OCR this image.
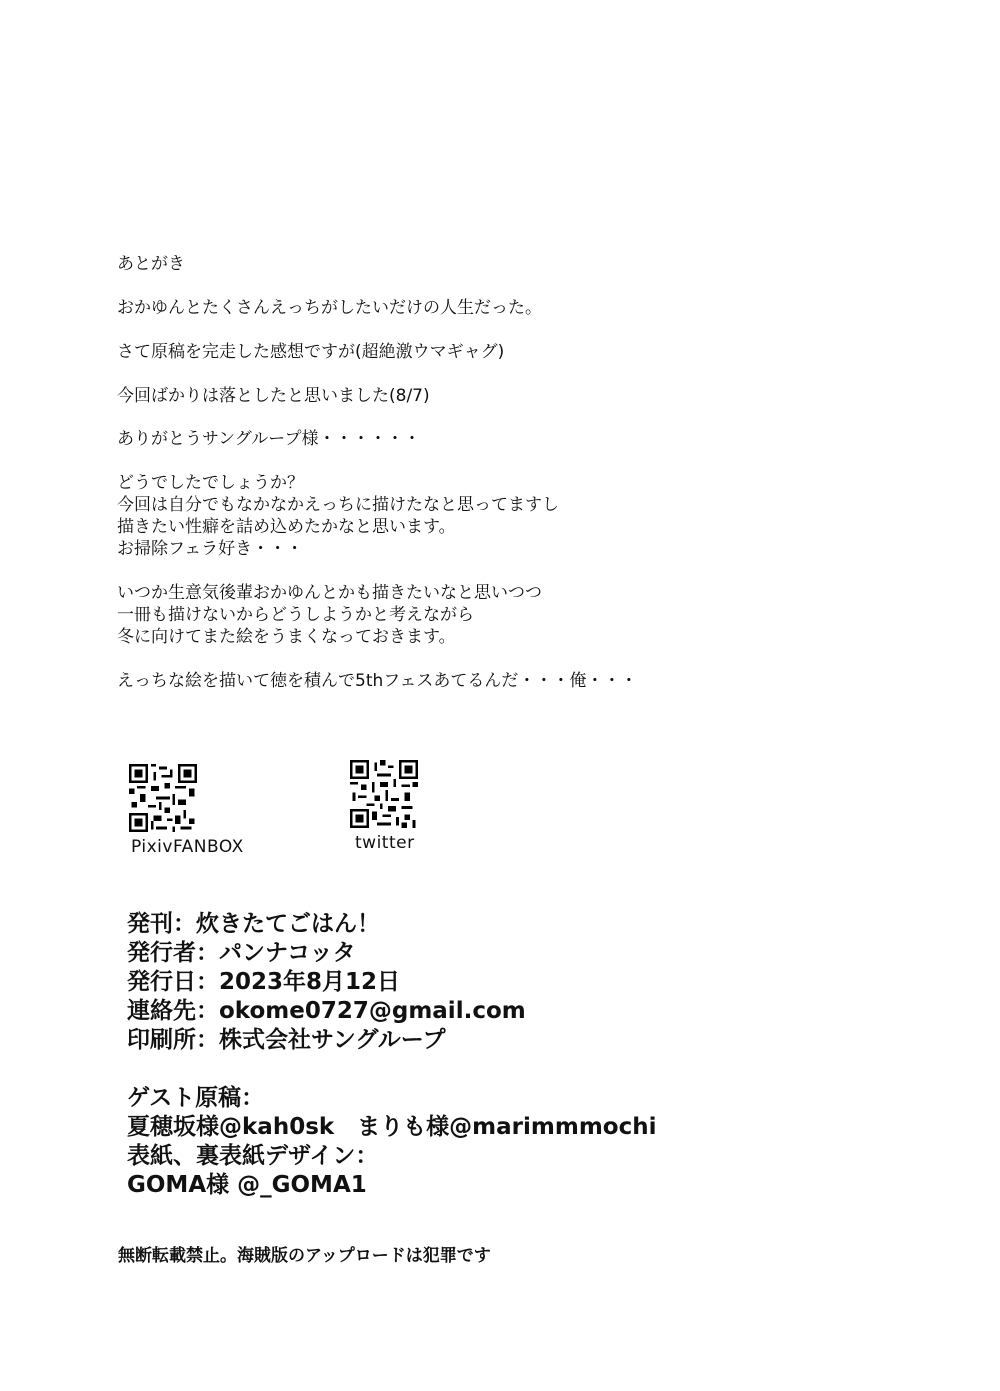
あとがき
おかゆんとたくさんえっちがしたいだけの人生だった。
さて原稿を完走した感想ですが(超絶激ウマギャグ)
今回ばかりは落としたと思いました(8/7)
ありがとうサングループ様・・・・・・
どうでしたでしょうか？
今回は自分でもなかなかえっちに描けたなと思ってますし
描きたい性癖を詰め込めたかなと思います。
お掃除フェラ好き・・・
いつか生意気後輩おかゆんとかも描きたいなと思いつつ
一冊も描けないからどうしようかと考えながら
冬に向けてまた絵をうまくなっておきます。
えっちな絵を描いて徳を積んで5thフェスあてるんだ・・・俺・・・
PixivFANBOX	twitter
発刊：炊きたてごはん！
発行者：パンナコッタ
発行日：2023年8月12日
連絡先：okome0727@gmail.com
印刷所：株式会社サングループ
ゲスト原稿：
夏穂坂様@kah0sk　まりも様@marimmmochi
表紙、裏表紙デザイン：
GOMA様 @_GOMA1
無断転載禁止。海賊版のアップロードは犯罪です
